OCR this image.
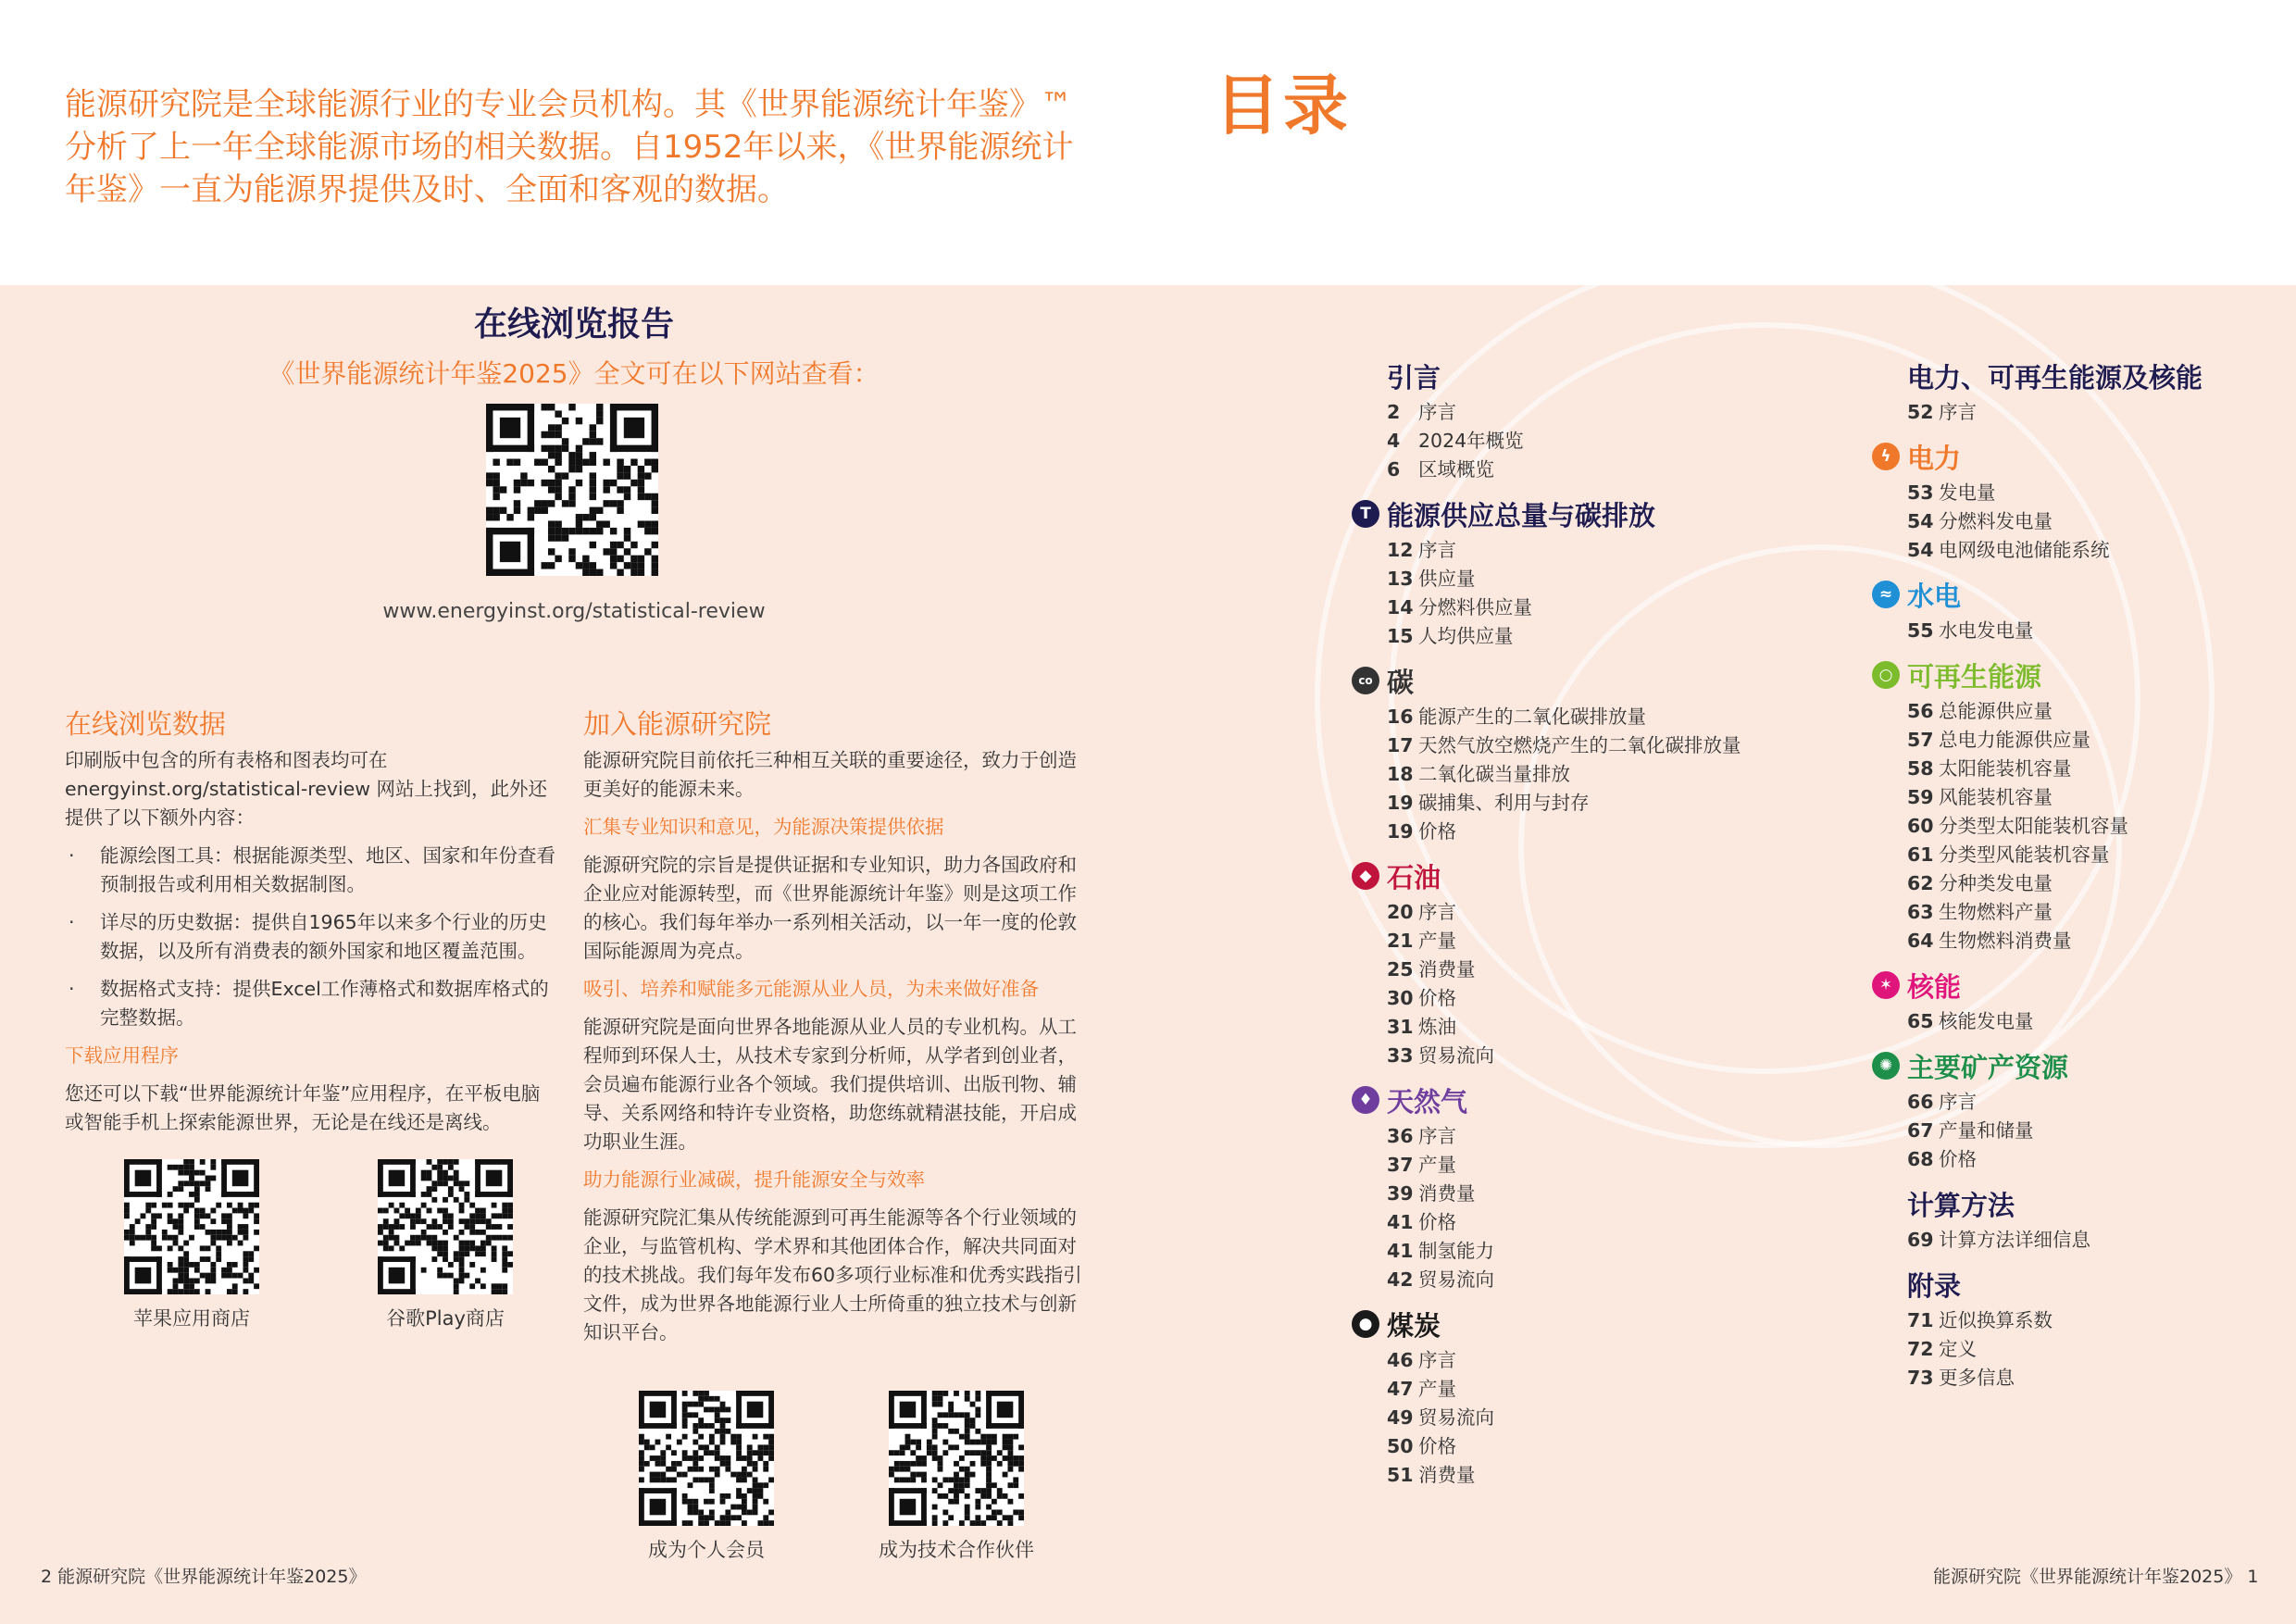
能源研究院是全球能源行业的专业会员机构。其《世界能源统计年鉴》™分析了上一年全球能源市场的相关数据。自1952年以来，《世界能源统计年鉴》一直为能源界提供及时、全面和客观的数据。
目录
在线浏览报告
《世界能源统计年鉴2025》全文可在以下网站查看：
www.energyinst.org/statistical-review
在线浏览数据

印刷版中包含的所有表格和图表均可在 energyinst.org/statistical-review 网站上找到，此外还提供了以下额外内容：

· 能源绘图工具：根据能源类型、地区、国家和年份查看预制报告或利用相关数据制图。
· 详尽的历史数据：提供自1965年以来多个行业的历史数据，以及所有消费表的额外国家和地区覆盖范围。
· 数据格式支持：提供Excel工作薄格式和数据库格式的完整数据。

下载应用程序

您还可以下载“世界能源统计年鉴”应用程序，在平板电脑或智能手机上探索能源世界，无论是在线还是离线。

苹果应用商店	谷歌Play商店
加入能源研究院

能源研究院目前依托三种相互关联的重要途径，致力于创造更美好的能源未来。

汇集专业知识和意见，为能源决策提供依据

能源研究院的宗旨是提供证据和专业知识，助力各国政府和企业应对能源转型，而《世界能源统计年鉴》则是这项工作的核心。我们每年举办一系列相关活动，以一年一度的伦敦国际能源周为亮点。

吸引、培养和赋能多元能源从业人员，为未来做好准备

能源研究院是面向世界各地能源从业人员的专业机构。从工程师到环保人士，从技术专家到分析师，从学者到创业者，会员遍布能源行业各个领域。我们提供培训、出版刊物、辅导、关系网络和特许专业资格，助您练就精湛技能，开启成功职业生涯。

助力能源行业减碳，提升能源安全与效率

能源研究院汇集从传统能源到可再生能源等各个行业领域的企业，与监管机构、学术界和其他团体合作，解决共同面对的技术挑战。我们每年发布60多项行业标准和优秀实践指引文件，成为世界各地能源行业人士所倚重的独立技术与创新知识平台。

成为个人会员	成为技术合作伙伴
引言
2 序言
4 2024年概览
6 区域概览
T 能源供应总量与碳排放
12 序言
13 供应量
14 分燃料供应量
15 人均供应量
co 碳
16 能源产生的二氧化碳排放量
17 天然气放空燃烧产生的二氧化碳排放量
18 二氧化碳当量排放
19 碳捕集、利用与封存
19 价格
◆ 石油
20 序言
21 产量
25 消费量
30 价格
31 炼油
33 贸易流向
♦ 天然气
36 序言
37 产量
39 消费量
41 价格
41 制氢能力
42 贸易流向
● 煤炭
46 序言
47 产量
49 贸易流向
50 价格
51 消费量
电力、可再生能源及核能
52 序言
ϟ 电力
53 发电量
54 分燃料发电量
54 电网级电池储能系统
≈ 水电
55 水电发电量
○ 可再生能源
56 总能源供应量
57 总电力能源供应量
58 太阳能装机容量
59 风能装机容量
60 分类型太阳能装机容量
61 分类型风能装机容量
62 分种类发电量
63 生物燃料产量
64 生物燃料消费量
✶ 核能
65 核能发电量
✺ 主要矿产资源
66 序言
67 产量和储量
68 价格
计算方法
69 计算方法详细信息
附录
71 近似换算系数
72 定义
73 更多信息
2 能源研究院《世界能源统计年鉴2025》	能源研究院《世界能源统计年鉴2025》 1
